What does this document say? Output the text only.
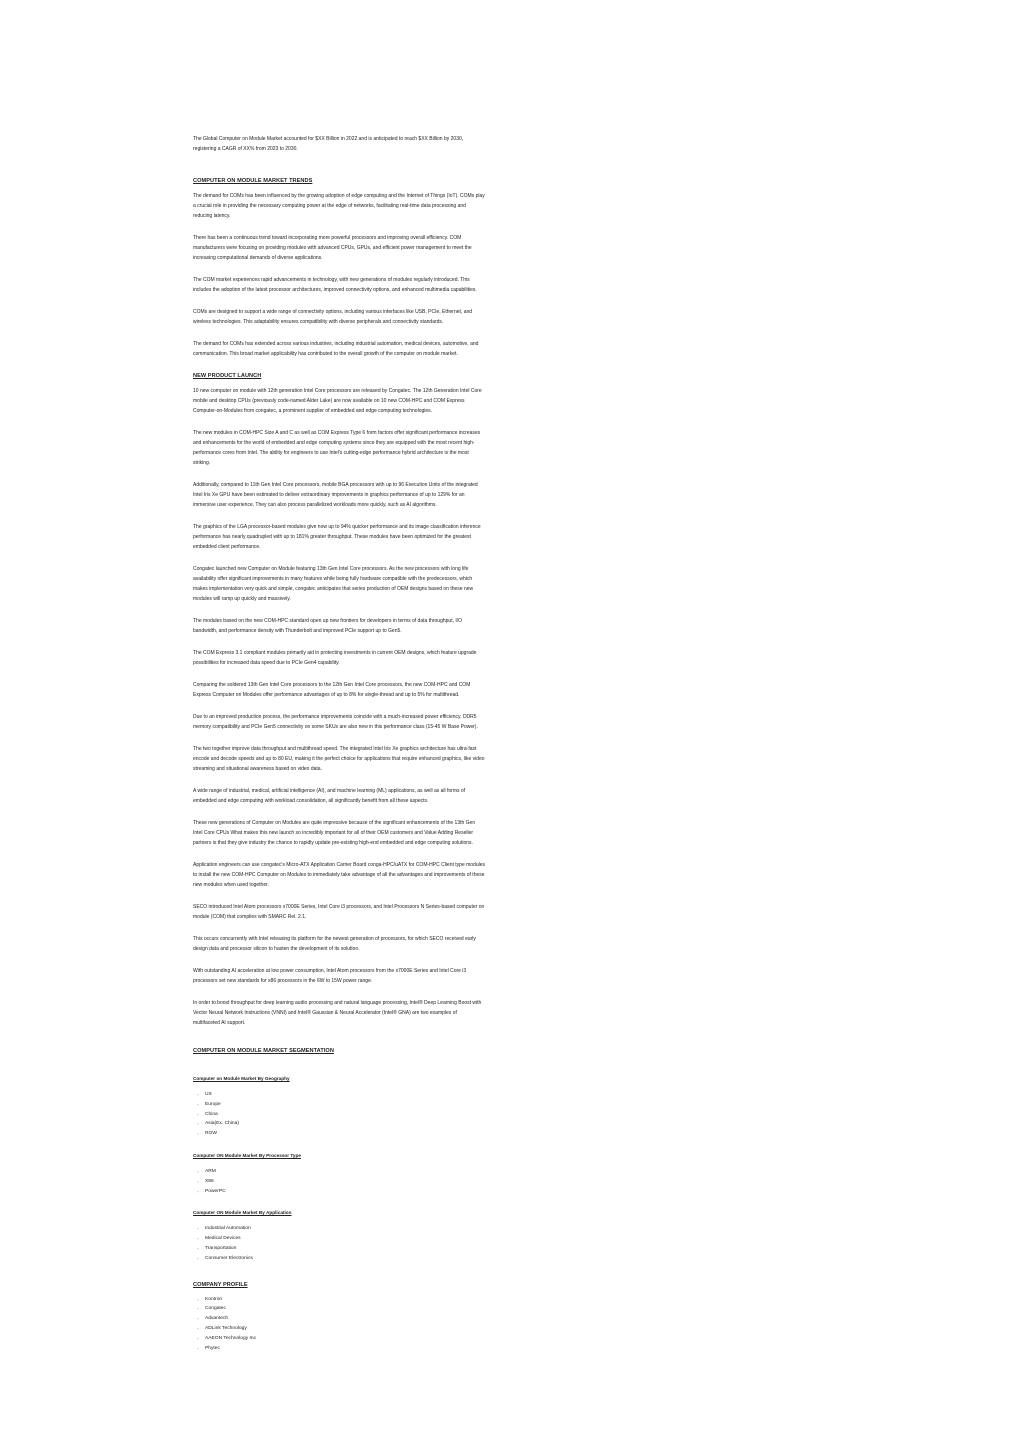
The Global Computer on Module Market accounted for $XX Billion in 2022 and is anticipated to reach $XX Billion by 2030, registering a CAGR of XX% from 2023 to 2030.

COMPUTER ON MODULE MARKET TRENDS

The demand for COMs has been influenced by the growing adoption of edge computing and the Internet of Things (IoT). COMs play a crucial role in providing the necessary computing power at the edge of networks, facilitating real-time data processing and reducing latency.

There has been a continuous trend toward incorporating more powerful processors and improving overall efficiency. COM manufacturers were focusing on providing modules with advanced CPUs, GPUs, and efficient power management to meet the increasing computational demands of diverse applications.

The COM market experiences rapid advancements in technology, with new generations of modules regularly introduced. This includes the adoption of the latest processor architectures, improved connectivity options, and enhanced multimedia capabilities.

COMs are designed to support a wide range of connectivity options, including various interfaces like USB, PCIe, Ethernet, and wireless technologies. This adaptability ensures compatibility with diverse peripherals and connectivity standards.

The demand for COMs has extended across various industries, including industrial automation, medical devices, automotive, and communication. This broad market applicability has contributed to the overall growth of the computer on module market.

NEW PRODUCT LAUNCH

10 new computer on module with 12th generation Intel Core processors are released by Congatec. The 12th Generation Intel Core mobile and desktop CPUs (previously code-named Alder Lake) are now available on 10 new COM-HPC and COM Express Computer-on-Modules from congatec, a prominent supplier of embedded and edge computing technologies.

The new modules in COM-HPC Size A and C as well as COM Express Type 6 form factors offer significant performance increases and enhancements for the world of embedded and edge computing systems since they are equipped with the most recent high-performance cores from Intel. The ability for engineers to use Intel's cutting-edge performance hybrid architecture is the most striking.

Additionally, compared to 11th Gen Intel Core processors, mobile BGA processors with up to 96 Execution Units of the integrated Intel Iris Xe GPU have been estimated to deliver extraordinary improvements in graphics performance of up to 129% for an immersive user experience. They can also process parallelized workloads more quickly, such as AI algorithms.

The graphics of the LGA processor-based modules give now up to 94% quicker performance and its image classification inference performance has nearly quadrupled with up to 181% greater throughput. These modules have been optimized for the greatest embedded client performance.

Congatec launched new Computer on Module featuring 13th Gen Intel Core processors. As the new processors with long life availability offer significant improvements in many features while being fully hardware compatible with the predecessors, which makes implementation very quick and simple, congatec anticipates that series production of OEM designs based on these new modules will ramp up quickly and massively.

The modules based on the new COM-HPC standard open up new frontiers for developers in terms of data throughput, I/O bandwidth, and performance density with Thunderbolt and improved PCIe support up to Gen5.

The COM Express 3.1 compliant modules primarily aid in protecting investments in current OEM designs, which feature upgrade possibilities for increased data speed due to PCIe Gen4 capability.

Comparing the soldered 13th Gen Intel Core processors to the 12th Gen Intel Core processors, the new COM-HPC and COM Express Computer on Modules offer performance advantages of up to 8% for single-thread and up to 5% for multithread.

Due to an improved production process, the performance improvements coincide with a much-increased power efficiency. DDR5 memory compatibility and PCIe Gen5 connectivity on some SKUs are also new in this performance class (15-45 W Base Power).

The two together improve data throughput and multithread speed. The integrated Intel Iris Xe graphics architecture has ultra-fast encode and decode speeds and up to 80 EU, making it the perfect choice for applications that require enhanced graphics, like video streaming and situational awareness based on video data.

A wide range of industrial, medical, artificial intelligence (AI), and machine learning (ML) applications, as well as all forms of embedded and edge computing with workload consolidation, all significantly benefit from all these aspects.

These new generations of Computer on Modules are quite impressive because of the significant enhancements of the 13th Gen Intel Core CPUs What makes this new launch so incredibly important for all of their OEM customers and Value Adding Reseller partners is that they give industry the chance to rapidly update pre-existing high-end embedded and edge computing solutions.

Application engineers can use congatec's Micro-ATX Application Carrier Board conga-HPC/uATX for COM-HPC Client type modules to install the new COM-HPC Computer on Modules to immediately take advantage of all the advantages and improvements of these new modules when used together.

SECO introduced Intel Atom processors x7000E Series, Intel Core i3 processors, and Intel Processors N Series-based computer on module (COM) that complies with SMARC Rel. 2.1.

This occurs concurrently with Intel releasing its platform for the newest generation of processors, for which SECO received early design data and processor silicon to hasten the development of its solution.

With outstanding AI acceleration at low power consumption, Intel Atom processors from the x7000E Series and Intel Core i3 processors set new standards for x86 processors in the 6W to 15W power range.

In order to boost throughput for deep learning audio processing and natural language processing, Intel® Deep Learning Boost with Vector Neural Network Instructions (VNNI) and Intel® Gaussian & Neural Accelerator (Intel® GNA) are two examples of multifaceted AI support.

COMPUTER ON MODULE MARKET SEGMENTATION
Computer on Module Market By Geography
◦ US
◦ Europe
◦ China
◦ Asia(Ex. China)
◦ ROW
Computer ON Module Market By Processor Type
◦ ARM
◦ X86
◦ PowerPC
Computer ON Module Market By Application
◦ Industrial Automation
◦ Medical Devices
◦ Transportation
◦ Consumer Electronics
COMPANY PROFILE
◦ Kontron
◦ Congatec
◦ Advantech
◦ ADLink Technology
◦ AAEON Technology Inc
◦ Phytec
